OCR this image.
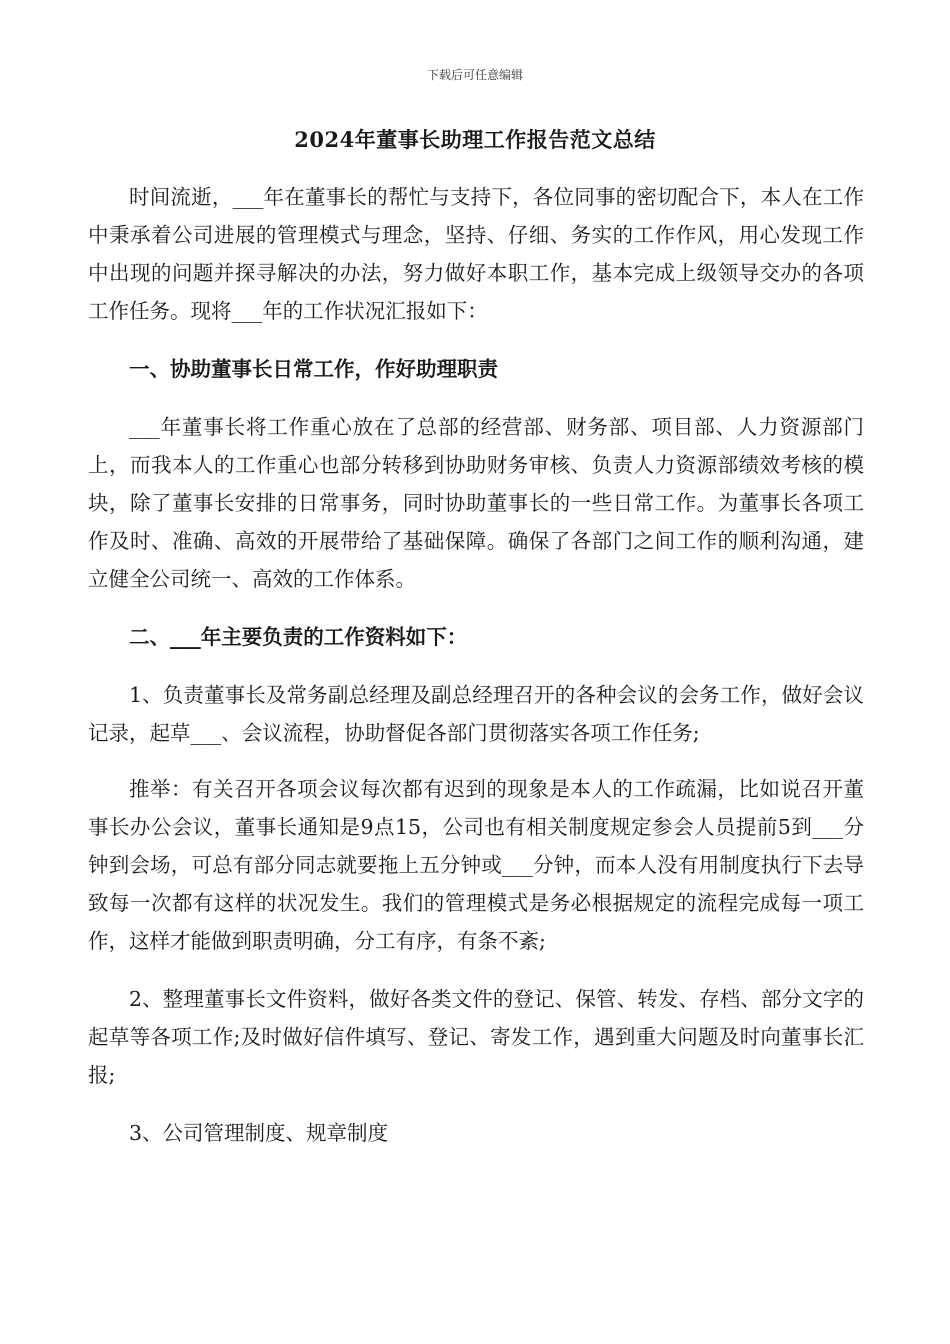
下载后可任意编辑
2024年董事长助理工作报告范文总结

时间流逝，___年在董事长的帮忙与支持下，各位同事的密切配合下，本人在工作中秉承着公司进展的管理模式与理念，坚持、仔细、务实的工作作风，用心发现工作中出现的问题并探寻解决的办法，努力做好本职工作，基本完成上级领导交办的各项工作任务。现将___年的工作状况汇报如下：

一、协助董事长日常工作，作好助理职责

___年董事长将工作重心放在了总部的经营部、财务部、项目部、人力资源部门上，而我本人的工作重心也部分转移到协助财务审核、负责人力资源部绩效考核的模块，除了董事长安排的日常事务，同时协助董事长的一些日常工作。为董事长各项工作及时、准确、高效的开展带给了基础保障。确保了各部门之间工作的顺利沟通，建立健全公司统一、高效的工作体系。

二、___年主要负责的工作资料如下：

1、负责董事长及常务副总经理及副总经理召开的各种会议的会务工作，做好会议记录，起草___、会议流程，协助督促各部门贯彻落实各项工作任务;

推举：有关召开各项会议每次都有迟到的现象是本人的工作疏漏，比如说召开董事长办公会议，董事长通知是9点15，公司也有相关制度规定参会人员提前5到___分钟到会场，可总有部分同志就要拖上五分钟或___分钟，而本人没有用制度执行下去导致每一次都有这样的状况发生。我们的管理模式是务必根据规定的流程完成每一项工作，这样才能做到职责明确，分工有序，有条不紊;

2、整理董事长文件资料，做好各类文件的登记、保管、转发、存档、部分文字的起草等各项工作;及时做好信件填写、登记、寄发工作，遇到重大问题及时向董事长汇报;

3、公司管理制度、规章制度
